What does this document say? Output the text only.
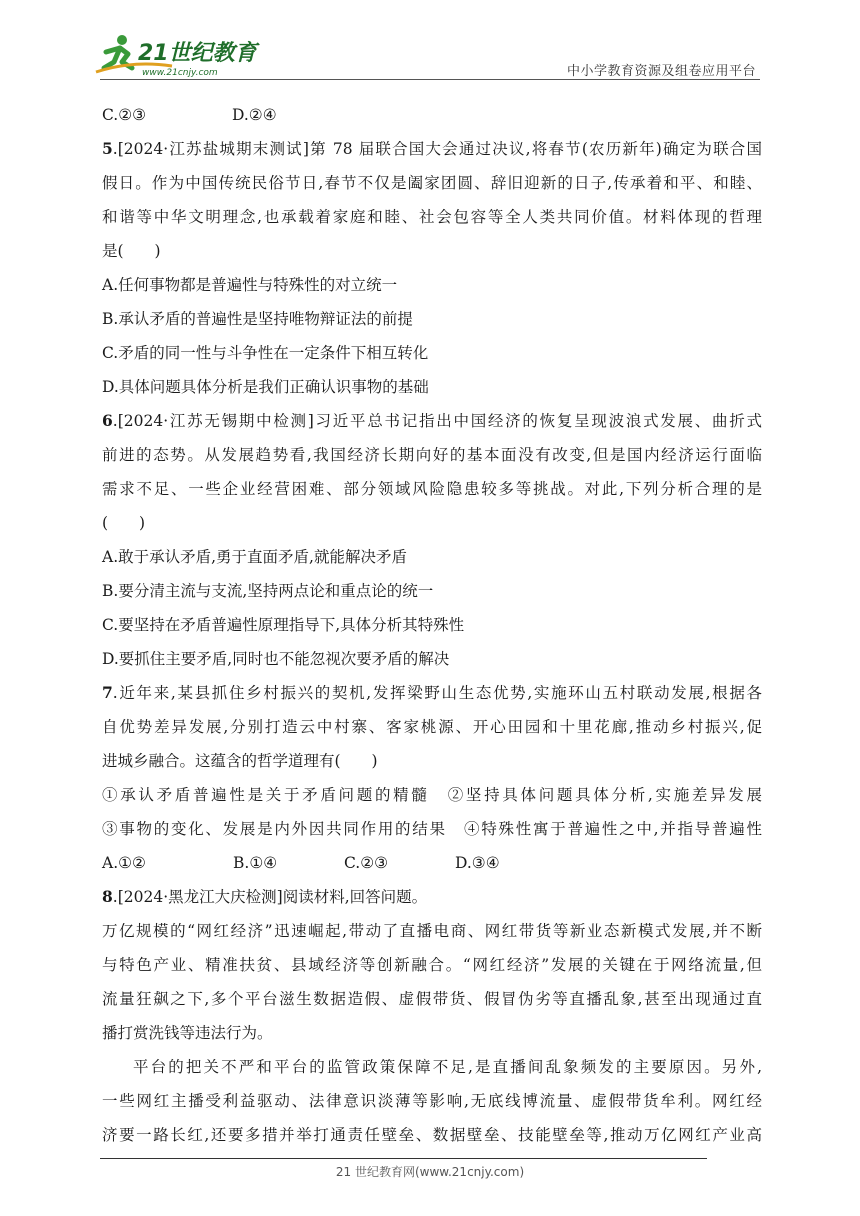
21世纪教育
www.21cnjy.com	中小学教育资源及组卷应用平台
C.②③	D.②④
5.[2024·江苏盐城期末测试]第 78 届联合国大会通过决议,将春节(农历新年)确定为联合国
假日。作为中国传统民俗节日,春节不仅是阖家团圆、辞旧迎新的日子,传承着和平、和睦、
和谐等中华文明理念,也承载着家庭和睦、社会包容等全人类共同价值。材料体现的哲理
是(　　)
A.任何事物都是普遍性与特殊性的对立统一
B.承认矛盾的普遍性是坚持唯物辩证法的前提
C.矛盾的同一性与斗争性在一定条件下相互转化
D.具体问题具体分析是我们正确认识事物的基础
6.[2024·江苏无锡期中检测]习近平总书记指出中国经济的恢复呈现波浪式发展、曲折式
前进的态势。从发展趋势看,我国经济长期向好的基本面没有改变,但是国内经济运行面临
需求不足、一些企业经营困难、部分领域风险隐患较多等挑战。对此,下列分析合理的是
(　　)
A.敢于承认矛盾,勇于直面矛盾,就能解决矛盾
B.要分清主流与支流,坚持两点论和重点论的统一
C.要坚持在矛盾普遍性原理指导下,具体分析其特殊性
D.要抓住主要矛盾,同时也不能忽视次要矛盾的解决
7.近年来,某县抓住乡村振兴的契机,发挥梁野山生态优势,实施环山五村联动发展,根据各
自优势差异发展,分别打造云中村寨、客家桃源、开心田园和十里花廊,推动乡村振兴,促
进城乡融合。这蕴含的哲学道理有(　　)
①承认矛盾普遍性是关于矛盾问题的精髓　②坚持具体问题具体分析,实施差异发展
③事物的变化、发展是内外因共同作用的结果　④特殊性寓于普遍性之中,并指导普遍性
A.①②	B.①④	C.②③	D.③④
8.[2024·黑龙江大庆检测]阅读材料,回答问题。
万亿规模的“网红经济”迅速崛起,带动了直播电商、网红带货等新业态新模式发展,并不断
与特色产业、精准扶贫、县域经济等创新融合。“网红经济”发展的关键在于网络流量,但
流量狂飙之下,多个平台滋生数据造假、虚假带货、假冒伪劣等直播乱象,甚至出现通过直
播打赏洗钱等违法行为。
平台的把关不严和平台的监管政策保障不足,是直播间乱象频发的主要原因。另外,
一些网红主播受利益驱动、法律意识淡薄等影响,无底线博流量、虚假带货牟利。网红经
济要一路长红,还要多措并举打通责任壁垒、数据壁垒、技能壁垒等,推动万亿网红产业高
21 世纪教育网(www.21cnjy.com)
